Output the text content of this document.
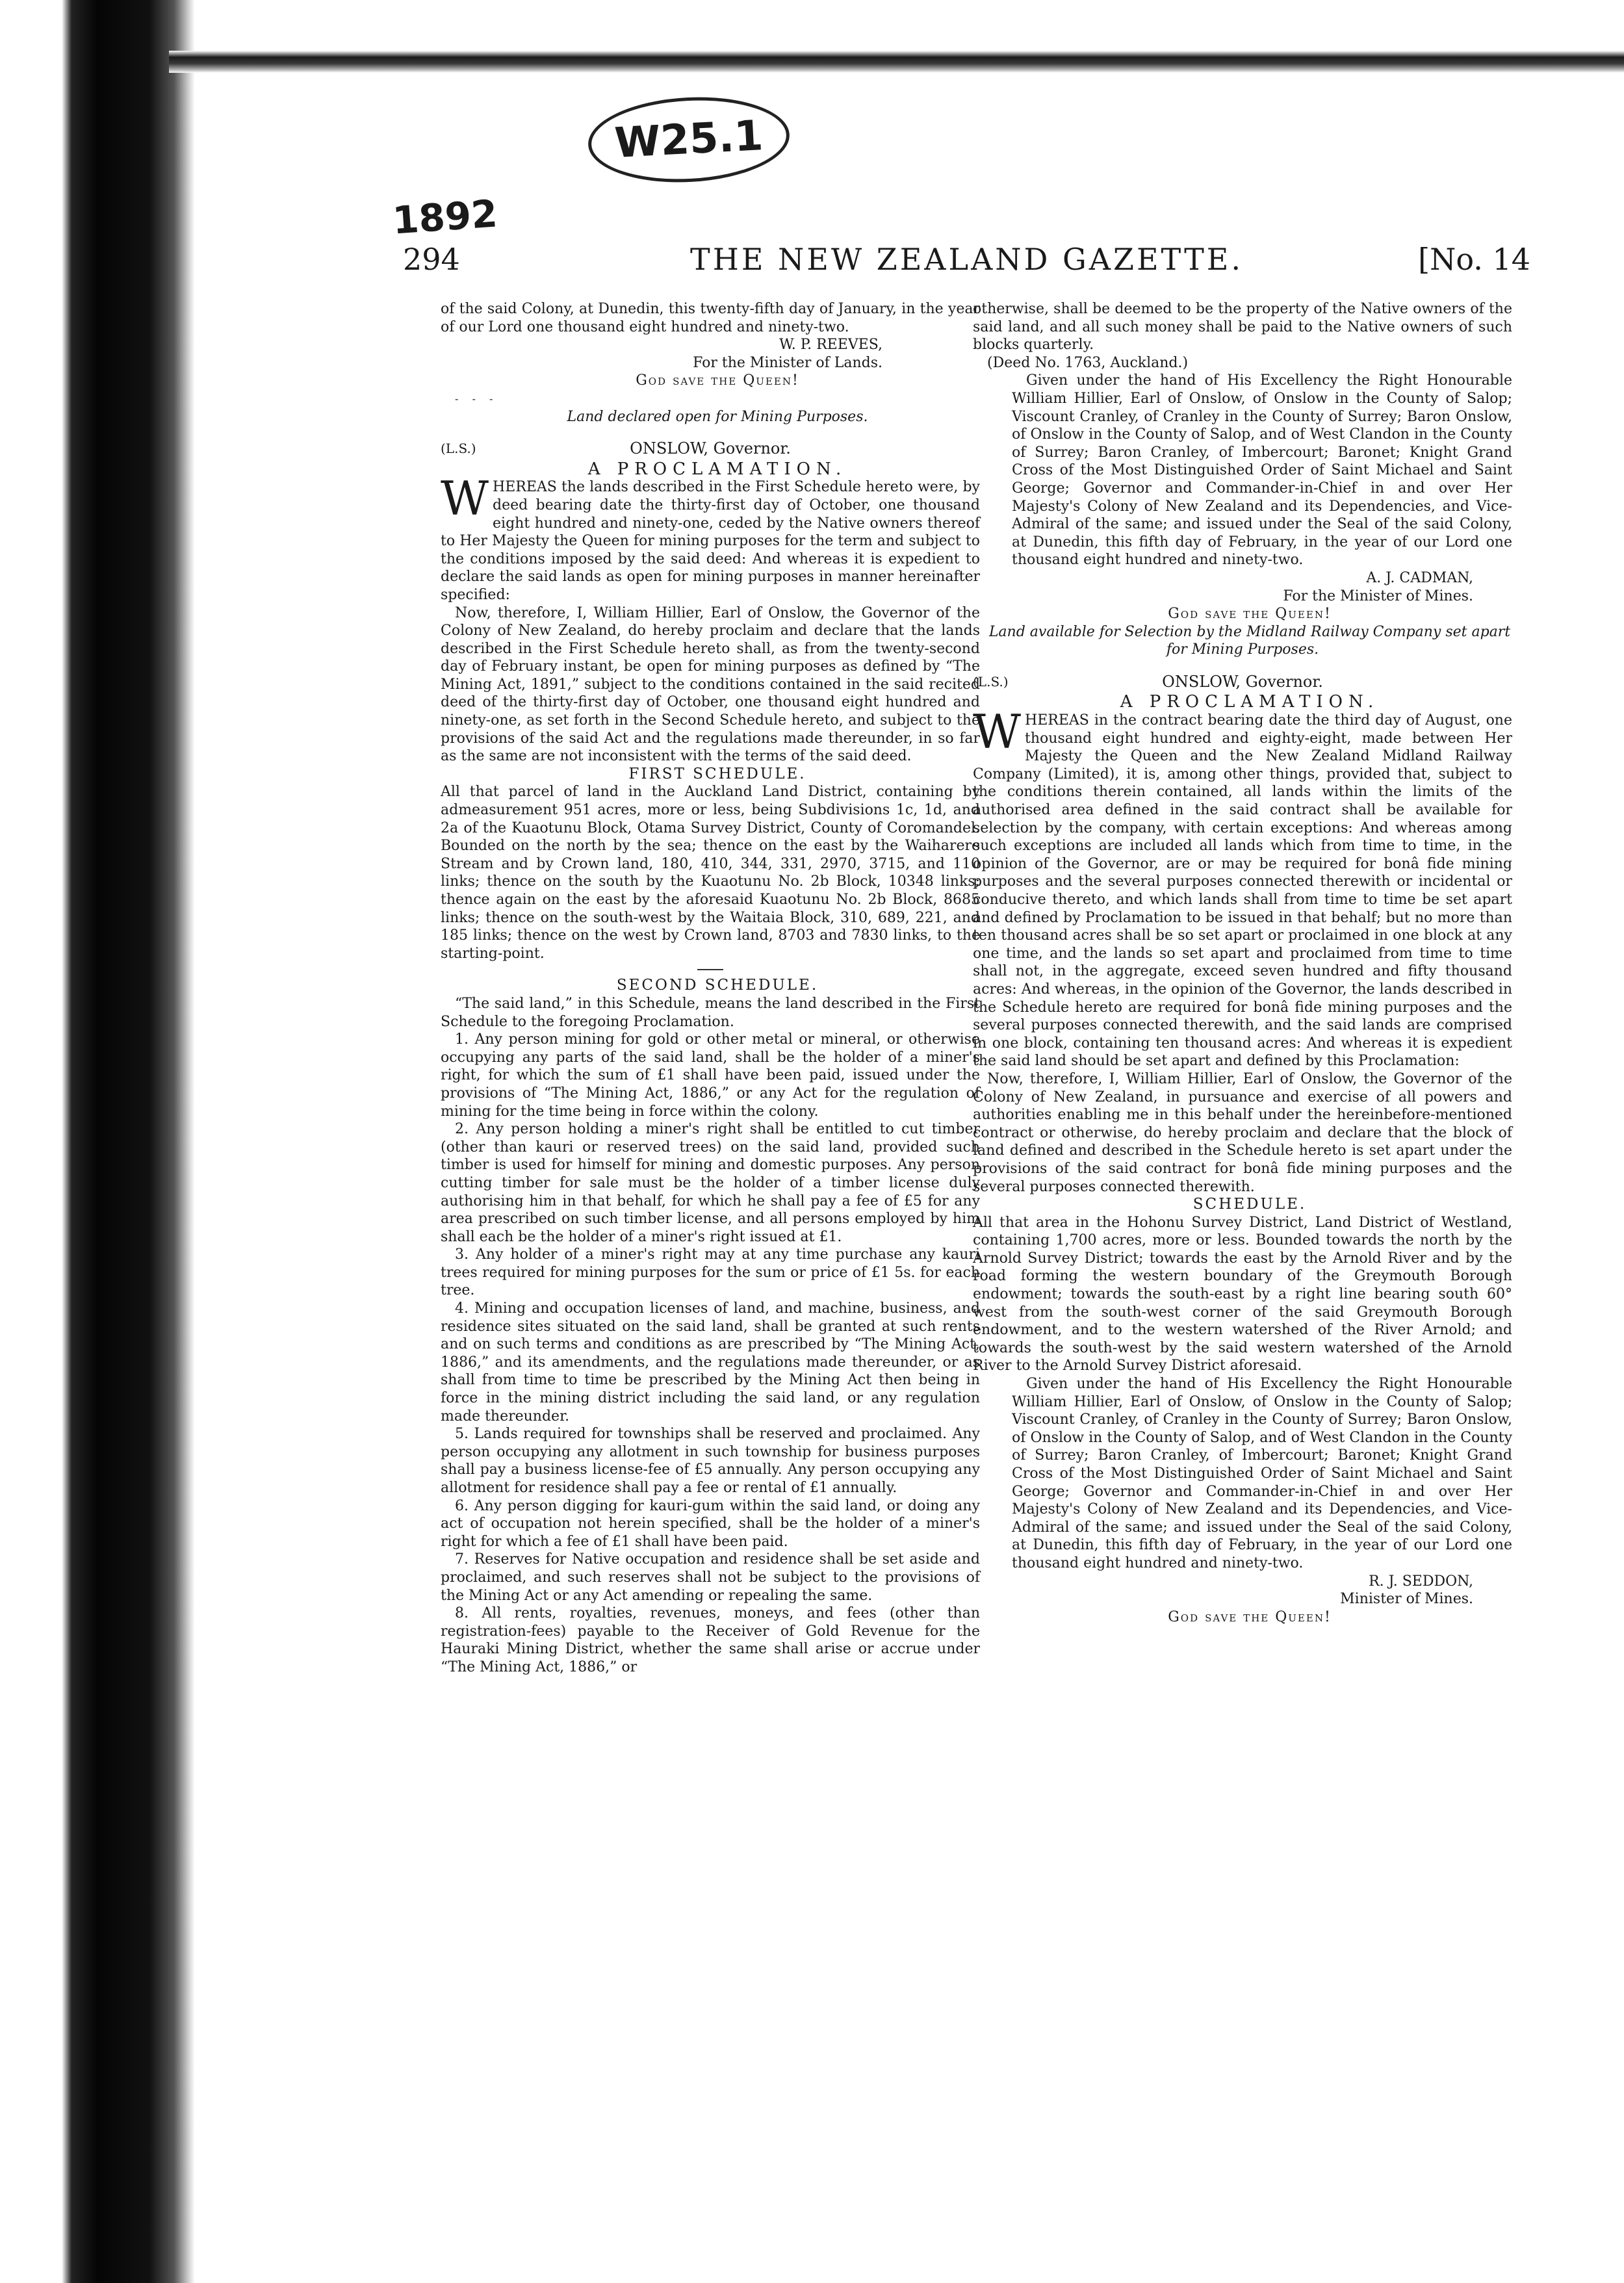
W25.1
1892
294	THE NEW ZEALAND GAZETTE.	[No. 14

of the said Colony, at Dunedin, this twenty-fifth day of January, in the year of our Lord one thousand eight hundred and ninety-two.

W. P. REEVES,

For the Minister of Lands.

God save the Queen!

- - -

Land declared open for Mining Purposes.

(L.S.)	ONSLOW, Governor.

A PROCLAMATION.

WHEREAS the lands described in the First Schedule hereto were, by deed bearing date the thirty-first day of October, one thousand eight hundred and ninety-one, ceded by the Native owners thereof to Her Majesty the Queen for mining purposes for the term and subject to the conditions imposed by the said deed: And whereas it is expedient to declare the said lands as open for mining purposes in manner hereinafter specified:

Now, therefore, I, William Hillier, Earl of Onslow, the Governor of the Colony of New Zealand, do hereby proclaim and declare that the lands described in the First Schedule hereto shall, as from the twenty-second day of February instant, be open for mining purposes as defined by “The Mining Act, 1891,” subject to the conditions contained in the said recited deed of the thirty-first day of October, one thousand eight hundred and ninety-one, as set forth in the Second Schedule hereto, and subject to the provisions of the said Act and the regulations made thereunder, in so far as the same are not inconsistent with the terms of the said deed.

FIRST SCHEDULE.

All that parcel of land in the Auckland Land District, containing by admeasurement 951 acres, more or less, being Subdivisions 1c, 1d, and 2a of the Kuaotunu Block, Otama Survey District, County of Coromandel. Bounded on the north by the sea; thence on the east by the Waiharere Stream and by Crown land, 180, 410, 344, 331, 2970, 3715, and 110 links; thence on the south by the Kuaotunu No. 2b Block, 10348 links; thence again on the east by the aforesaid Kuaotunu No. 2b Block, 8685 links; thence on the south-west by the Waitaia Block, 310, 689, 221, and 185 links; thence on the west by Crown land, 8703 and 7830 links, to the starting-point.

SECOND SCHEDULE.

“The said land,” in this Schedule, means the land described in the First Schedule to the foregoing Proclamation.

1. Any person mining for gold or other metal or mineral, or otherwise occupying any parts of the said land, shall be the holder of a miner's right, for which the sum of £1 shall have been paid, issued under the provisions of “The Mining Act, 1886,” or any Act for the regulation of mining for the time being in force within the colony.

2. Any person holding a miner's right shall be entitled to cut timber (other than kauri or reserved trees) on the said land, provided such timber is used for himself for mining and domestic purposes. Any person cutting timber for sale must be the holder of a timber license duly authorising him in that behalf, for which he shall pay a fee of £5 for any area prescribed on such timber license, and all persons employed by him shall each be the holder of a miner's right issued at £1.

3. Any holder of a miner's right may at any time purchase any kauri trees required for mining purposes for the sum or price of £1 5s. for each tree.

4. Mining and occupation licenses of land, and machine, business, and residence sites situated on the said land, shall be granted at such rents and on such terms and conditions as are prescribed by “The Mining Act, 1886,” and its amendments, and the regulations made thereunder, or as shall from time to time be prescribed by the Mining Act then being in force in the mining district including the said land, or any regulation made thereunder.

5. Lands required for townships shall be reserved and proclaimed. Any person occupying any allotment in such township for business purposes shall pay a business license-fee of £5 annually. Any person occupying any allotment for residence shall pay a fee or rental of £1 annually.

6. Any person digging for kauri-gum within the said land, or doing any act of occupation not herein specified, shall be the holder of a miner's right for which a fee of £1 shall have been paid.

7. Reserves for Native occupation and residence shall be set aside and proclaimed, and such reserves shall not be subject to the provisions of the Mining Act or any Act amending or repealing the same.

8. All rents, royalties, revenues, moneys, and fees (other than registration-fees) payable to the Receiver of Gold Revenue for the Hauraki Mining District, whether the same shall arise or accrue under “The Mining Act, 1886,” or

otherwise, shall be deemed to be the property of the Native owners of the said land, and all such money shall be paid to the Native owners of such blocks quarterly.

(Deed No. 1763, Auckland.)

Given under the hand of His Excellency the Right Honourable William Hillier, Earl of Onslow, of Onslow in the County of Salop; Viscount Cranley, of Cranley in the County of Surrey; Baron Onslow, of Onslow in the County of Salop, and of West Clandon in the County of Surrey; Baron Cranley, of Imbercourt; Baronet; Knight Grand Cross of the Most Distinguished Order of Saint Michael and Saint George; Governor and Commander-in-Chief in and over Her Majesty's Colony of New Zealand and its Dependencies, and Vice-Admiral of the same; and issued under the Seal of the said Colony, at Dunedin, this fifth day of February, in the year of our Lord one thousand eight hundred and ninety-two.

A. J. CADMAN,

For the Minister of Mines.

God save the Queen!

Land available for Selection by the Midland Railway Company set apart for Mining Purposes.

(L.S.)	ONSLOW, Governor.

A PROCLAMATION.

WHEREAS in the contract bearing date the third day of August, one thousand eight hundred and eighty-eight, made between Her Majesty the Queen and the New Zealand Midland Railway Company (Limited), it is, among other things, provided that, subject to the conditions therein contained, all lands within the limits of the authorised area defined in the said contract shall be available for selection by the company, with certain exceptions: And whereas among such exceptions are included all lands which from time to time, in the opinion of the Governor, are or may be required for bonâ fide mining purposes and the several purposes connected therewith or incidental or conducive thereto, and which lands shall from time to time be set apart and defined by Proclamation to be issued in that behalf; but no more than ten thousand acres shall be so set apart or proclaimed in one block at any one time, and the lands so set apart and proclaimed from time to time shall not, in the aggregate, exceed seven hundred and fifty thousand acres: And whereas, in the opinion of the Governor, the lands described in the Schedule hereto are required for bonâ fide mining purposes and the several purposes connected therewith, and the said lands are comprised in one block, containing ten thousand acres: And whereas it is expedient the said land should be set apart and defined by this Proclamation:

Now, therefore, I, William Hillier, Earl of Onslow, the Governor of the Colony of New Zealand, in pursuance and exercise of all powers and authorities enabling me in this behalf under the hereinbefore-mentioned contract or otherwise, do hereby proclaim and declare that the block of land defined and described in the Schedule hereto is set apart under the provisions of the said contract for bonâ fide mining purposes and the several purposes connected therewith.

SCHEDULE.

All that area in the Hohonu Survey District, Land District of Westland, containing 1,700 acres, more or less. Bounded towards the north by the Arnold Survey District; towards the east by the Arnold River and by the road forming the western boundary of the Greymouth Borough endowment; towards the south-east by a right line bearing south 60° west from the south-west corner of the said Greymouth Borough endowment, and to the western watershed of the River Arnold; and towards the south-west by the said western watershed of the Arnold River to the Arnold Survey District aforesaid.

Given under the hand of His Excellency the Right Honourable William Hillier, Earl of Onslow, of Onslow in the County of Salop; Viscount Cranley, of Cranley in the County of Surrey; Baron Onslow, of Onslow in the County of Salop, and of West Clandon in the County of Surrey; Baron Cranley, of Imbercourt; Baronet; Knight Grand Cross of the Most Distinguished Order of Saint Michael and Saint George; Governor and Commander-in-Chief in and over Her Majesty's Colony of New Zealand and its Dependencies, and Vice-Admiral of the same; and issued under the Seal of the said Colony, at Dunedin, this fifth day of February, in the year of our Lord one thousand eight hundred and ninety-two.

R. J. SEDDON,

Minister of Mines.

God save the Queen!
